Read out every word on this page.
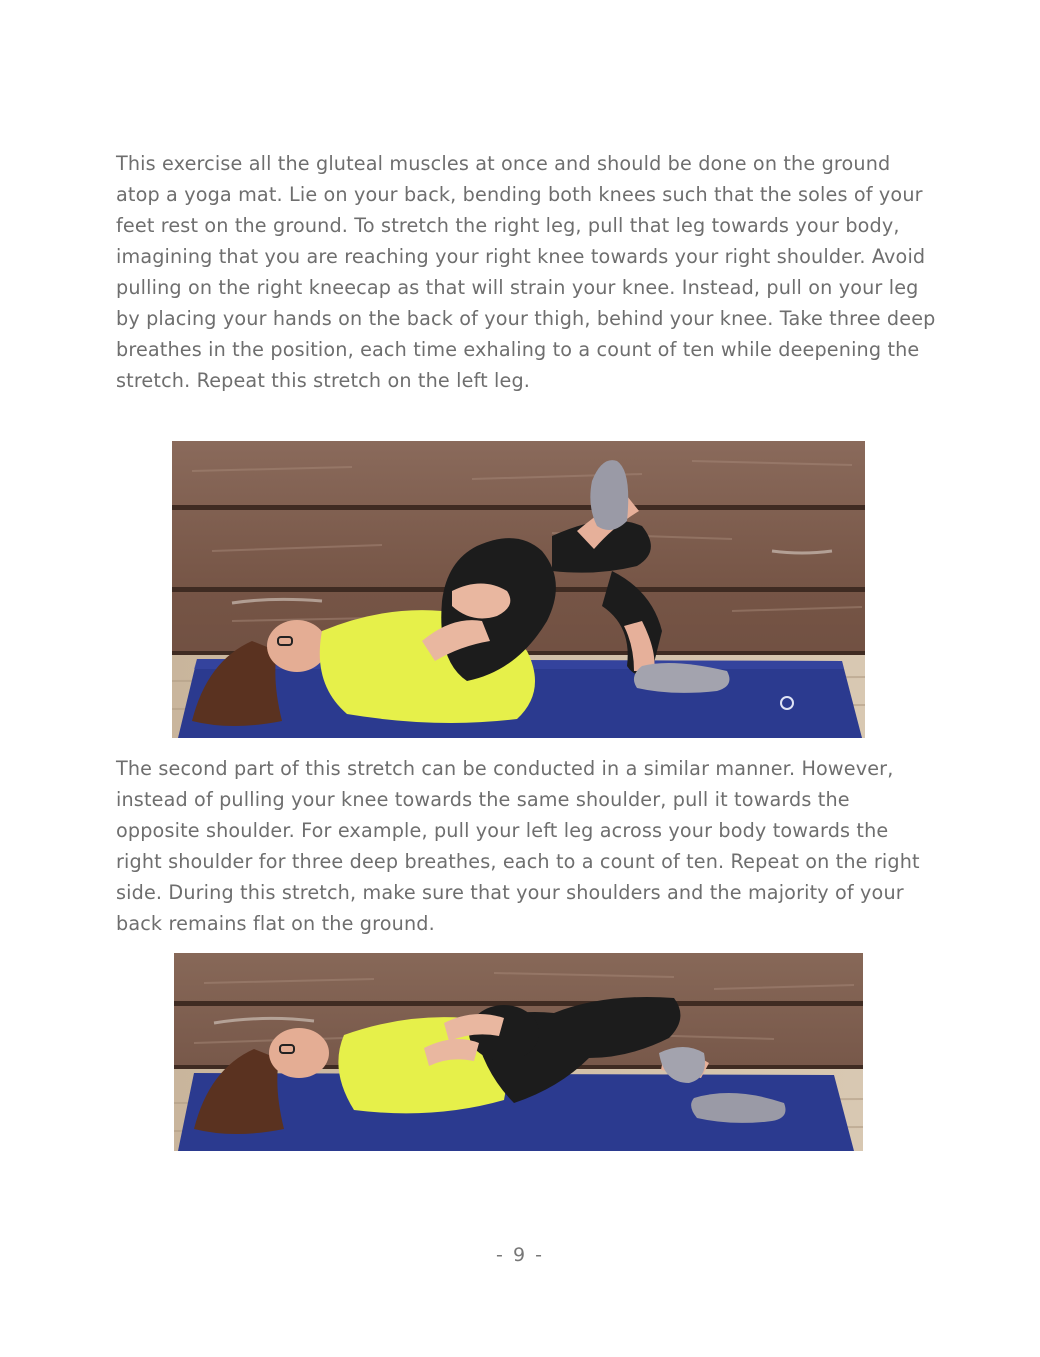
This exercise all the gluteal muscles at once and should be done on the ground atop a yoga mat. Lie on your back, bending both knees such that the soles of your feet rest on the ground. To stretch the right leg, pull that leg towards your body, imagining that you are reaching your right knee towards your right shoulder. Avoid pulling on the right kneecap as that will strain your knee. Instead, pull on your leg by placing your hands on the back of your thigh, behind your knee. Take three deep breathes in the position, each time exhaling to a count of ten while deepening the stretch. Repeat this stretch on the left leg.

The second part of this stretch can be conducted in a similar manner. However, instead of pulling your knee towards the same shoulder, pull it towards the opposite shoulder. For example, pull your left leg across your body towards the right shoulder for three deep breathes, each to a count of ten. Repeat on the right side. During this stretch, make sure that your shoulders and the majority of your back remains flat on the ground.

- 9 -
